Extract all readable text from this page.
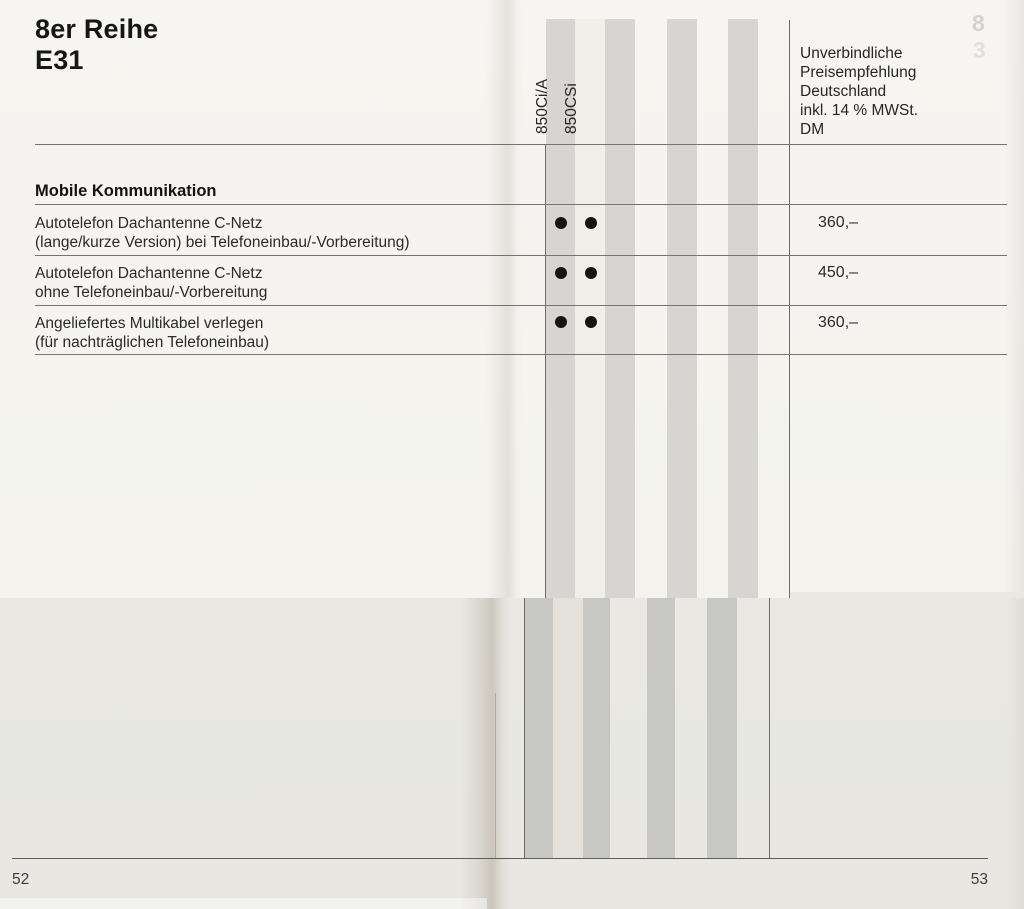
8er Reihe
E31
8
3
850Ci/A 850CSi
Unverbindliche
Preisempfehlung
Deutschland
inkl. 14 % MWSt.
DM
Mobile Kommunikation
Autotelefon Dachantenne C-Netz
(lange/kurze Version) bei Telefoneinbau/-Vorbereitung)
360,–
Autotelefon Dachantenne C-Netz
ohne Telefoneinbau/-Vorbereitung
450,–
Angeliefertes Multikabel verlegen
(für nachträglichen Telefoneinbau)
360,–
52	53
